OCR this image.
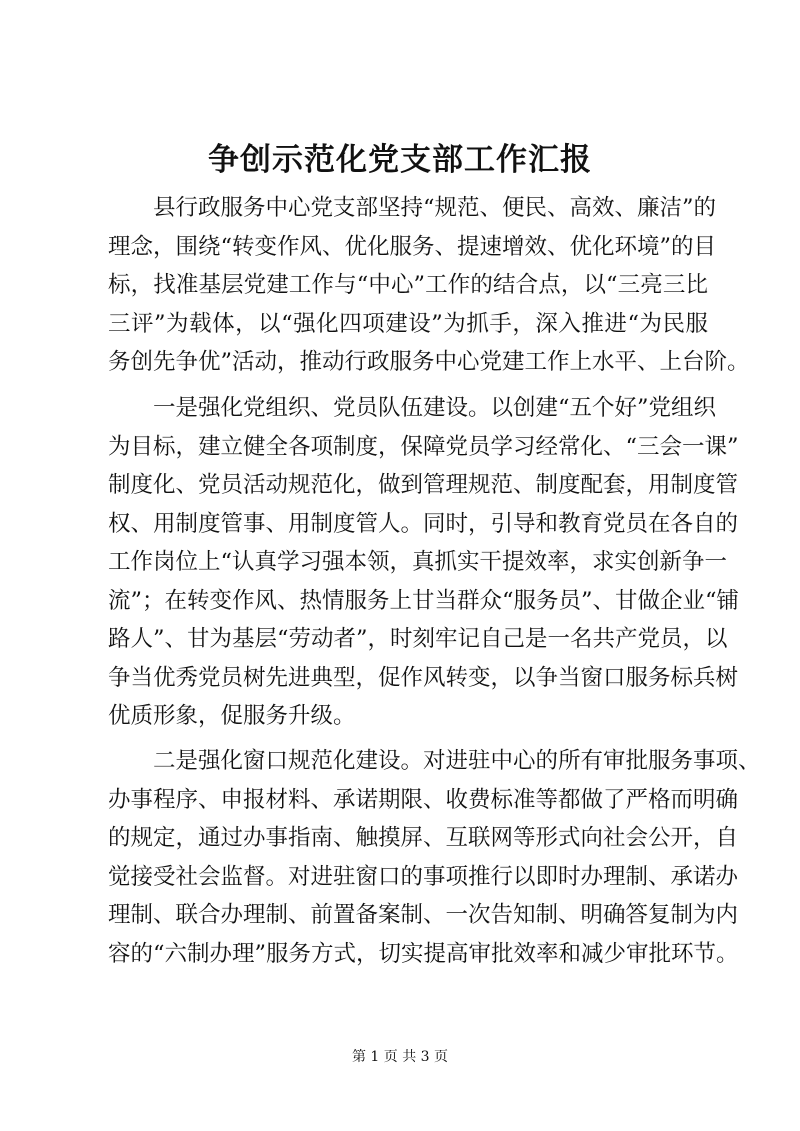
争创示范化党支部工作汇报
县行政服务中心党支部坚持“规范、便民、高效、廉洁”的
理念，围绕“转变作风、优化服务、提速增效、优化环境”的目
标，找准基层党建工作与“中心”工作的结合点，以“三亮三比
三评”为载体，以“强化四项建设”为抓手，深入推进“为民服
务创先争优”活动，推动行政服务中心党建工作上水平、上台阶。
一是强化党组织、党员队伍建设。以创建“五个好”党组织
为目标，建立健全各项制度，保障党员学习经常化、“三会一课”
制度化、党员活动规范化，做到管理规范、制度配套，用制度管
权、用制度管事、用制度管人。同时，引导和教育党员在各自的
工作岗位上“认真学习强本领，真抓实干提效率，求实创新争一
流”；在转变作风、热情服务上甘当群众“服务员”、甘做企业“铺
路人”、甘为基层“劳动者”，时刻牢记自己是一名共产党员，以
争当优秀党员树先进典型，促作风转变，以争当窗口服务标兵树
优质形象，促服务升级。
二是强化窗口规范化建设。对进驻中心的所有审批服务事项、
办事程序、申报材料、承诺期限、收费标准等都做了严格而明确
的规定，通过办事指南、触摸屏、互联网等形式向社会公开，自
觉接受社会监督。对进驻窗口的事项推行以即时办理制、承诺办
理制、联合办理制、前置备案制、一次告知制、明确答复制为内
容的“六制办理”服务方式，切实提高审批效率和减少审批环节。
第 1 页 共 3 页
